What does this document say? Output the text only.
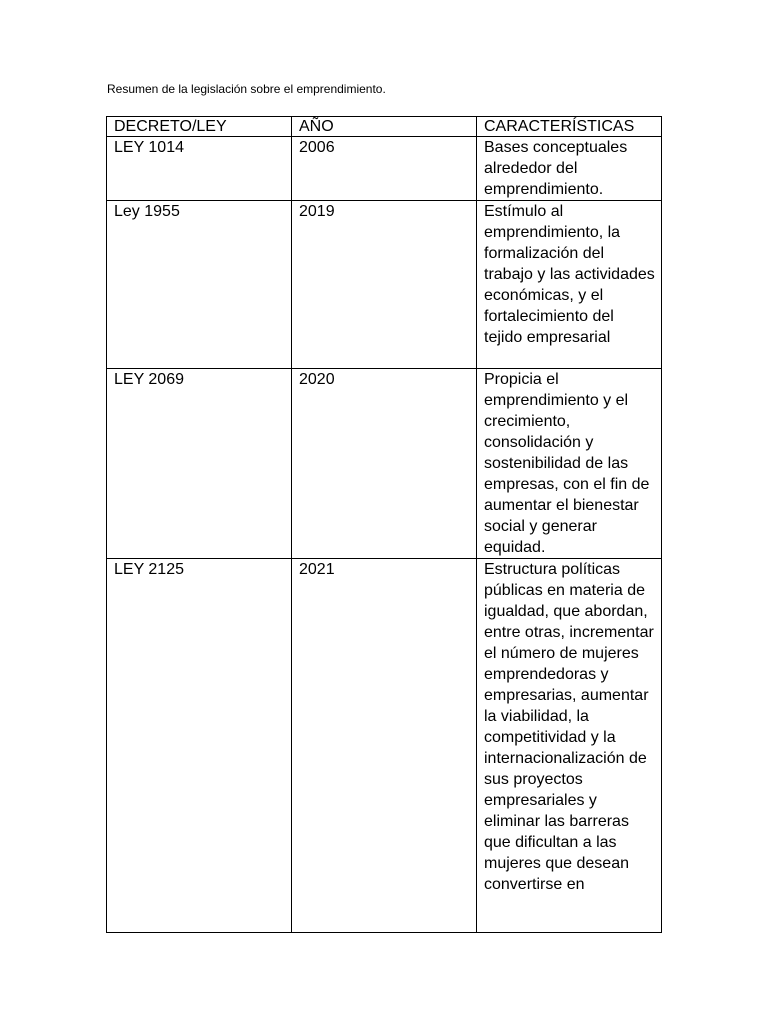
Resumen de la legislación sobre el emprendimiento.
DECRETO/LEY	AÑO	CARACTERÍSTICAS
LEY 1014	2006	Bases conceptuales alrededor del emprendimiento.
Ley 1955	2019	Estímulo al emprendimiento, la formalización del trabajo y las actividades económicas, y el fortalecimiento del tejido empresarial
LEY 2069	2020	Propicia el emprendimiento y el crecimiento, consolidación y sostenibilidad de las empresas, con el fin de aumentar el bienestar social y generar equidad.
LEY 2125	2021	Estructura políticas públicas en materia de igualdad, que abordan, entre otras, incrementar el número de mujeres emprendedoras y empresarias, aumentar la viabilidad, la competitividad y la internacionalización de sus proyectos empresariales y eliminar las barreras que dificultan a las mujeres que desean convertirse en
